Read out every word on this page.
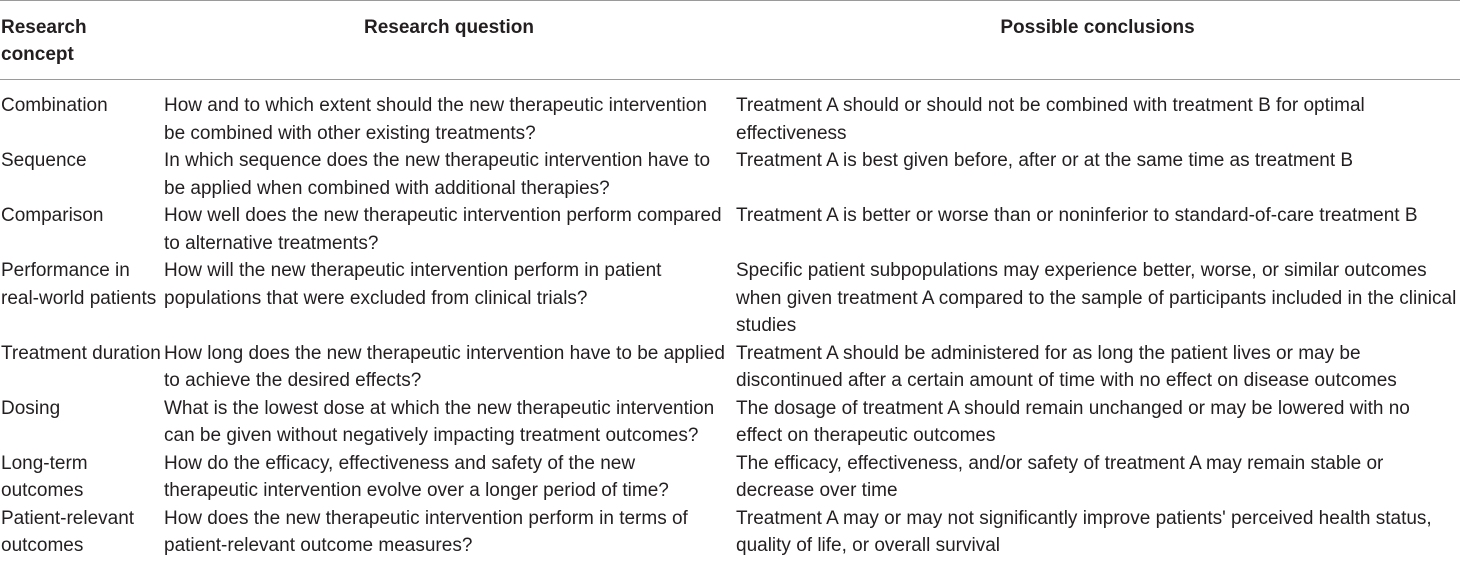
Research concept	Research question	Possible conclusions
Combination	How and to which extent should the new therapeutic intervention be combined with other existing treatments?	Treatment A should or should not be combined with treatment B for optimal effectiveness
Sequence	In which sequence does the new therapeutic intervention have to be applied when combined with additional therapies?	Treatment A is best given before, after or at the same time as treatment B
Comparison	How well does the new therapeutic intervention perform compared to alternative treatments?	Treatment A is better or worse than or noninferior to standard-of-care treatment B
Performance in real-world patients	How will the new therapeutic intervention perform in patient populations that were excluded from clinical trials?	Specific patient subpopulations may experience better, worse, or similar outcomes when given treatment A compared to the sample of participants included in the clinical studies
Treatment duration	How long does the new therapeutic intervention have to be applied to achieve the desired effects?	Treatment A should be administered for as long the patient lives or may be discontinued after a certain amount of time with no effect on disease outcomes
Dosing	What is the lowest dose at which the new therapeutic intervention can be given without negatively impacting treatment outcomes?	The dosage of treatment A should remain unchanged or may be lowered with no effect on therapeutic outcomes
Long-term outcomes	How do the efficacy, effectiveness and safety of the new therapeutic intervention evolve over a longer period of time?	The efficacy, effectiveness, and/or safety of treatment A may remain stable or decrease over time
Patient-relevant outcomes	How does the new therapeutic intervention perform in terms of patient-relevant outcome measures?	Treatment A may or may not significantly improve patients' perceived health status, quality of life, or overall survival
